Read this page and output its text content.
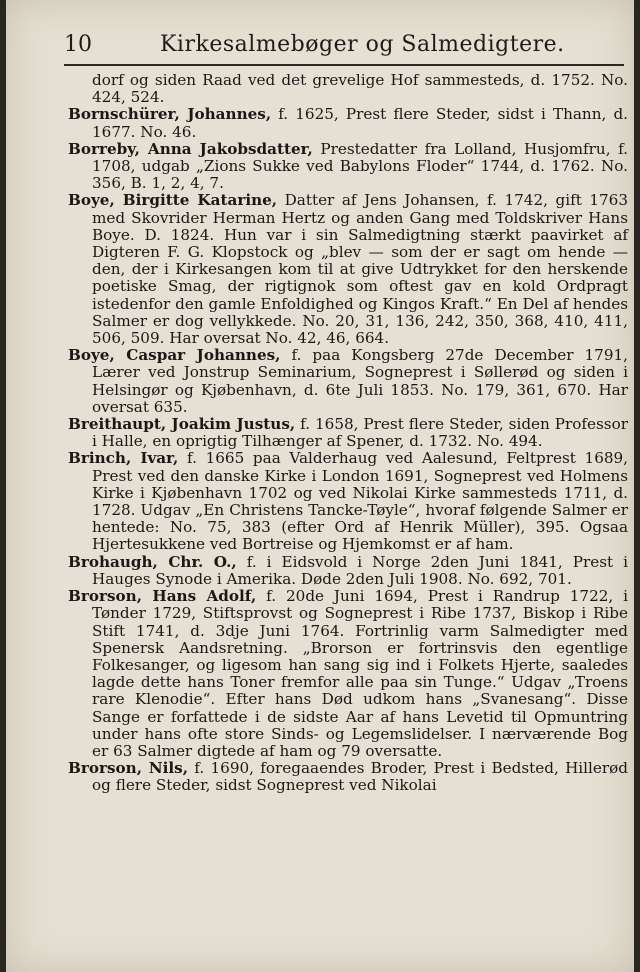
10	Kirkesalmebøger og Salmedigtere.

dorf og siden Raad ved det grevelige Hof sammesteds, d. 1752. No. 424, 524.

Bornschürer, Johannes, f. 1625, Prest flere Steder, sidst i Thann, d. 1677. No. 46.

Borreby, Anna Jakobsdatter, Prestedatter fra Lolland, Husjomfru, f. 1708, udgab „Zions Sukke ved Babylons Floder“ 1744, d. 1762. No. 356, B. 1, 2, 4, 7.

Boye, Birgitte Katarine, Datter af Jens Johansen, f. 1742, gift 1763 med Skovrider Herman Hertz og anden Gang med Toldskriver Hans Boye. D. 1824. Hun var i sin Salmedigtning stærkt paavirket af Digteren F. G. Klopstock og „blev — som der er sagt om hende — den, der i Kirkesangen kom til at give Udtrykket for den herskende poetiske Smag, der rigtignok som oftest gav en kold Ordpragt istedenfor den gamle Enfoldighed og Kingos Kraft.“ En Del af hendes Salmer er dog vellykkede. No. 20, 31, 136, 242, 350, 368, 410, 411, 506, 509. Har oversat No. 42, 46, 664.

Boye, Caspar Johannes, f. paa Kongsberg 27de December 1791, Lærer ved Jonstrup Seminarium, Sogneprest i Søllerød og siden i Helsingør og Kjøbenhavn, d. 6te Juli 1853. No. 179, 361, 670. Har oversat 635.

Breithaupt, Joakim Justus, f. 1658, Prest flere Steder, siden Professor i Halle, en oprigtig Tilhænger af Spener, d. 1732. No. 494.

Brinch, Ivar, f. 1665 paa Valderhaug ved Aalesund, Feltprest 1689, Prest ved den danske Kirke i London 1691, Sogneprest ved Holmens Kirke i Kjøbenhavn 1702 og ved Nikolai Kirke sammesteds 1711, d. 1728. Udgav „En Christens Tancke-Tøyle“, hvoraf følgende Salmer er hentede: No. 75, 383 (efter Ord af Henrik Müller), 395. Ogsaa Hjertesukkene ved Bortreise og Hjemkomst er af ham.

Brohaugh, Chr. O., f. i Eidsvold i Norge 2den Juni 1841, Prest i Hauges Synode i Amerika. Døde 2den Juli 1908. No. 692, 701.

Brorson, Hans Adolf, f. 20de Juni 1694, Prest i Randrup 1722, i Tønder 1729, Stiftsprovst og Sogneprest i Ribe 1737, Biskop i Ribe Stift 1741, d. 3dje Juni 1764. Fortrinlig varm Salmedigter med Spenersk Aandsretning. „Brorson er fortrinsvis den egentlige Folkesanger, og ligesom han sang sig ind i Folkets Hjerte, saaledes lagde dette hans Toner fremfor alle paa sin Tunge.“ Udgav „Troens rare Klenodie“. Efter hans Død udkom hans „Svanesang“. Disse Sange er forfattede i de sidste Aar af hans Levetid til Opmuntring under hans ofte store Sinds- og Legemslidelser. I nærværende Bog er 63 Salmer digtede af ham og 79 oversatte.

Brorson, Nils, f. 1690, foregaaendes Broder, Prest i Bedsted, Hillerød og flere Steder, sidst Sogneprest ved Nikolai
